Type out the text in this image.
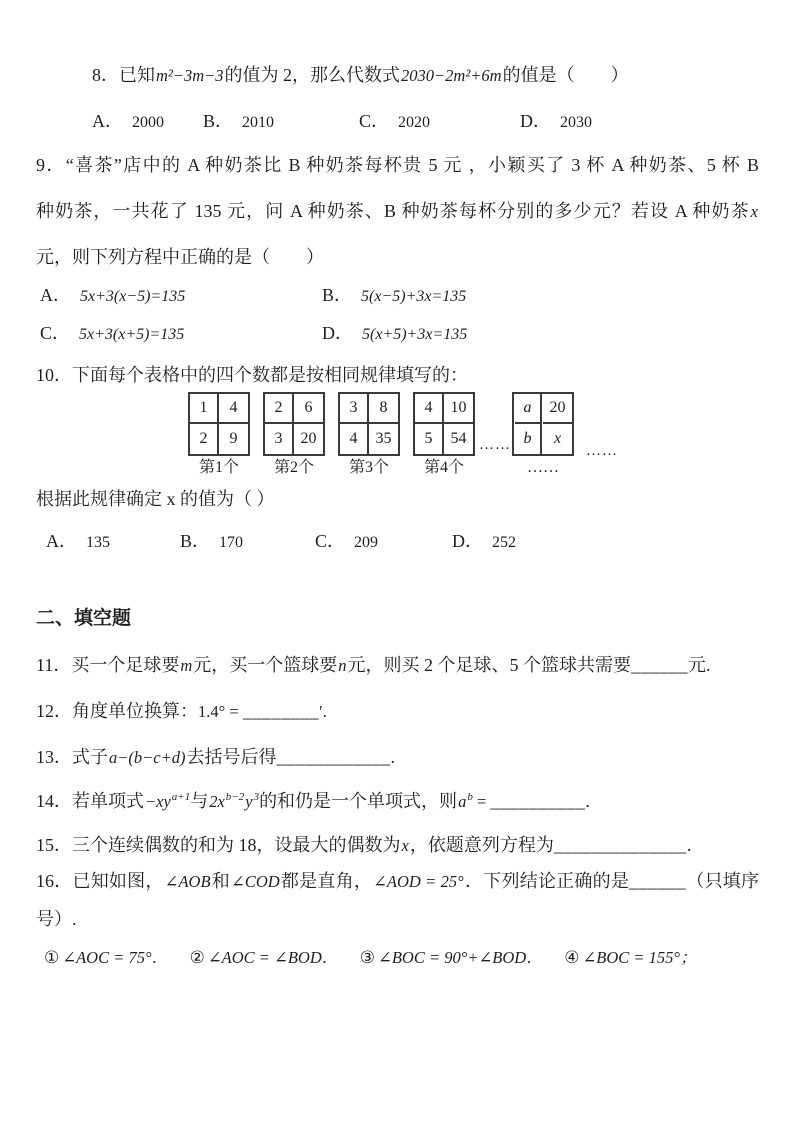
8．已知m²−3m−3的值为 2，那么代数式2030−2m²+6m的值是（　　）
A． 2000 B． 2010	C． 2020	D． 2030
9．“喜茶”店中的 A 种奶茶比 B 种奶茶每杯贵 5 元 ，小颖买了 3 杯 A 种奶茶、5 杯 B
种奶茶，一共花了 135 元，问 A 种奶茶、B 种奶茶每杯分别的多少元？若设 A 种奶茶x
元，则下列方程中正确的是（　　）
A． 5x+3(x−5)=135	B． 5(x−5)+3x=135
C． 5x+3(x+5)=135	D． 5(x+5)+3x=135
10．下面每个表格中的四个数都是按相同规律填写的：
1	4
2	9
第1个
2	6
3	20
第2个
3	8
4	35
第3个
4	10
5	54
第4个
……
a	20
b	x
……
……
根据此规律确定 x 的值为（ ）
A． 135	B． 170	C． 209	D． 252
二、填空题
11．买一个足球要m元，买一个篮球要n元，则买 2 个足球、5 个篮球共需要______元.
12．角度单位换算：1.4° = ________′.
13．式子a−(b−c+d)去括号后得____________.
14．若单项式$-xy^{a+1}$与$2x^{b-2}y^3$的和仍是一个单项式，则$a^b$ = __________.
15．三个连续偶数的和为 18，设最大的偶数为x，依题意列方程为______________.
16．已知如图，∠AOB和∠COD都是直角，∠AOD = 25°．下列结论正确的是______（只填序
号）.
① ∠AOC = 75°． ② ∠AOC = ∠BOD． ③ ∠BOC = 90°+∠BOD． ④ ∠BOC = 155°；
